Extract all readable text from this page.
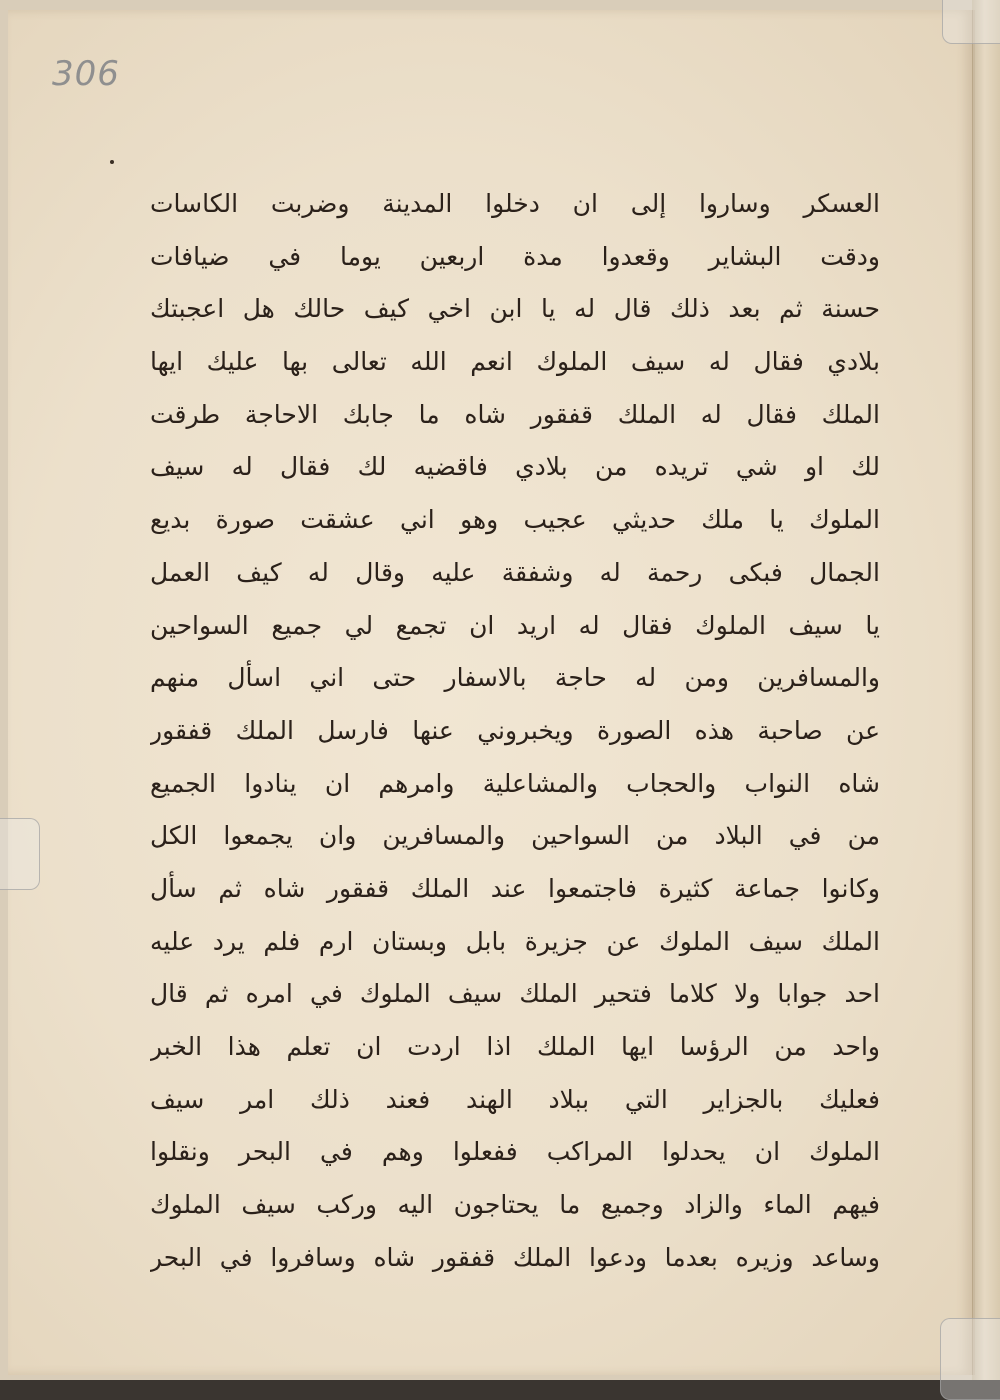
306
العسكر وساروا إلى ان دخلوا المدينة وضربت الكاسات
ودقت البشاير وقعدوا مدة اربعين يوما في ضيافات
حسنة ثم بعد ذلك قال له يا ابن اخي كيف حالك هل اعجبتك
بلادي فقال له سيف الملوك انعم الله تعالى بها عليك ايها
الملك فقال له الملك قفقور شاه ما جابك الاحاجة طرقت
لك او شي تريده من بلادي فاقضيه لك فقال له سيف
الملوك يا ملك حديثي عجيب وهو اني عشقت صورة بديع
الجمال فبكى رحمة له وشفقة عليه وقال له كيف العمل
يا سيف الملوك فقال له اريد ان تجمع لي جميع السواحين
والمسافرين ومن له حاجة بالاسفار حتى اني اسأل منهم
عن صاحبة هذه الصورة ويخبروني عنها فارسل الملك قفقور
شاه النواب والحجاب والمشاعلية وامرهم ان ينادوا الجميع
من في البلاد من السواحين والمسافرين وان يجمعوا الكل
وكانوا جماعة كثيرة فاجتمعوا عند الملك قفقور شاه ثم سأل
الملك سيف الملوك عن جزيرة بابل وبستان ارم فلم يرد عليه
احد جوابا ولا كلاما فتحير الملك سيف الملوك في امره ثم قال
واحد من الرؤسا ايها الملك اذا اردت ان تعلم هذا الخبر
فعليك بالجزاير التي ببلاد الهند فعند ذلك امر سيف
الملوك ان يحدلوا المراكب ففعلوا وهم في البحر ونقلوا
فيهم الماء والزاد وجميع ما يحتاجون اليه وركب سيف الملوك
وساعد وزيره بعدما ودعوا الملك قفقور شاه وسافروا في البحر
